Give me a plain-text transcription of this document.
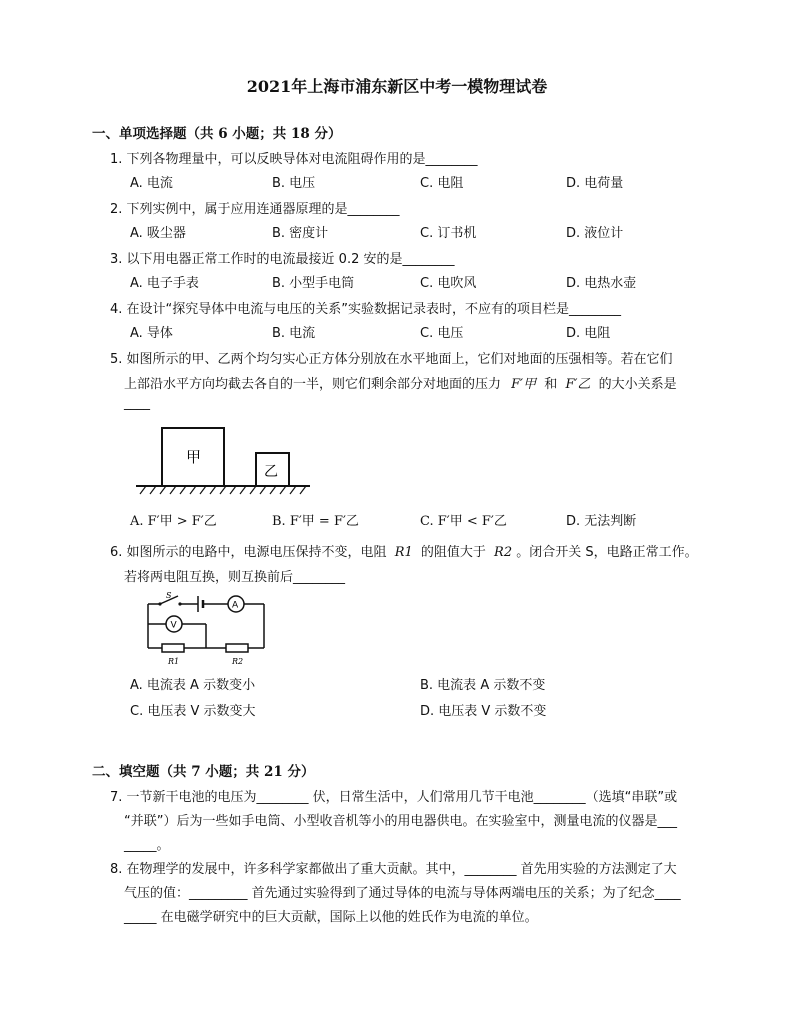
2021年上海市浦东新区中考一模物理试卷
一、单项选择题（共 6 小题；共 18 分）
1. 下列各物理量中，可以反映导体对电流阻碍作用的是________
A. 电流	B. 电压	C. 电阻	D. 电荷量
2. 下列实例中，属于应用连通器原理的是________
A. 吸尘器	B. 密度计	C. 订书机	D. 液位计
3. 以下用电器正常工作时的电流最接近 0.2 安的是________
A. 电子手表	B. 小型手电筒	C. 电吹风	D. 电热水壶
4. 在设计“探究导体中电流与电压的关系”实验数据记录表时，不应有的项目栏是________
A. 导体	B. 电流	C. 电压	D. 电阻
5. 如图所示的甲、乙两个均匀实心正方体分别放在水平地面上，它们对地面的压强相等。若在它们
上部沿水平方向均截去各自的一半，则它们剩余部分对地面的压力 F′甲 和 F′乙 的大小关系是
____
甲
乙
A. F′甲 > F′乙	B. F′甲 = F′乙	C. F′甲 < F′乙	D. 无法判断
6. 如图所示的电路中，电源电压保持不变，电阻 R1 的阻值大于 R2 。闭合开关 S，电路正常工作。
若将两电阻互换，则互换前后________
S
A
V
R1	R2
A. 电流表 A 示数变小	B. 电流表 A 示数不变
C. 电压表 V 示数变大	D. 电压表 V 示数不变
二、填空题（共 7 小题；共 21 分）
7. 一节新干电池的电压为________ 伏，日常生活中，人们常用几节干电池________（选填“串联”或
“并联”）后为一些如手电筒、小型收音机等小的用电器供电。在实验室中，测量电流的仪器是___
_____。
8. 在物理学的发展中，许多科学家都做出了重大贡献。其中，________ 首先用实验的方法测定了大
气压的值：_________ 首先通过实验得到了通过导体的电流与导体两端电压的关系；为了纪念____
_____ 在电磁学研究中的巨大贡献，国际上以他的姓氏作为电流的单位。
